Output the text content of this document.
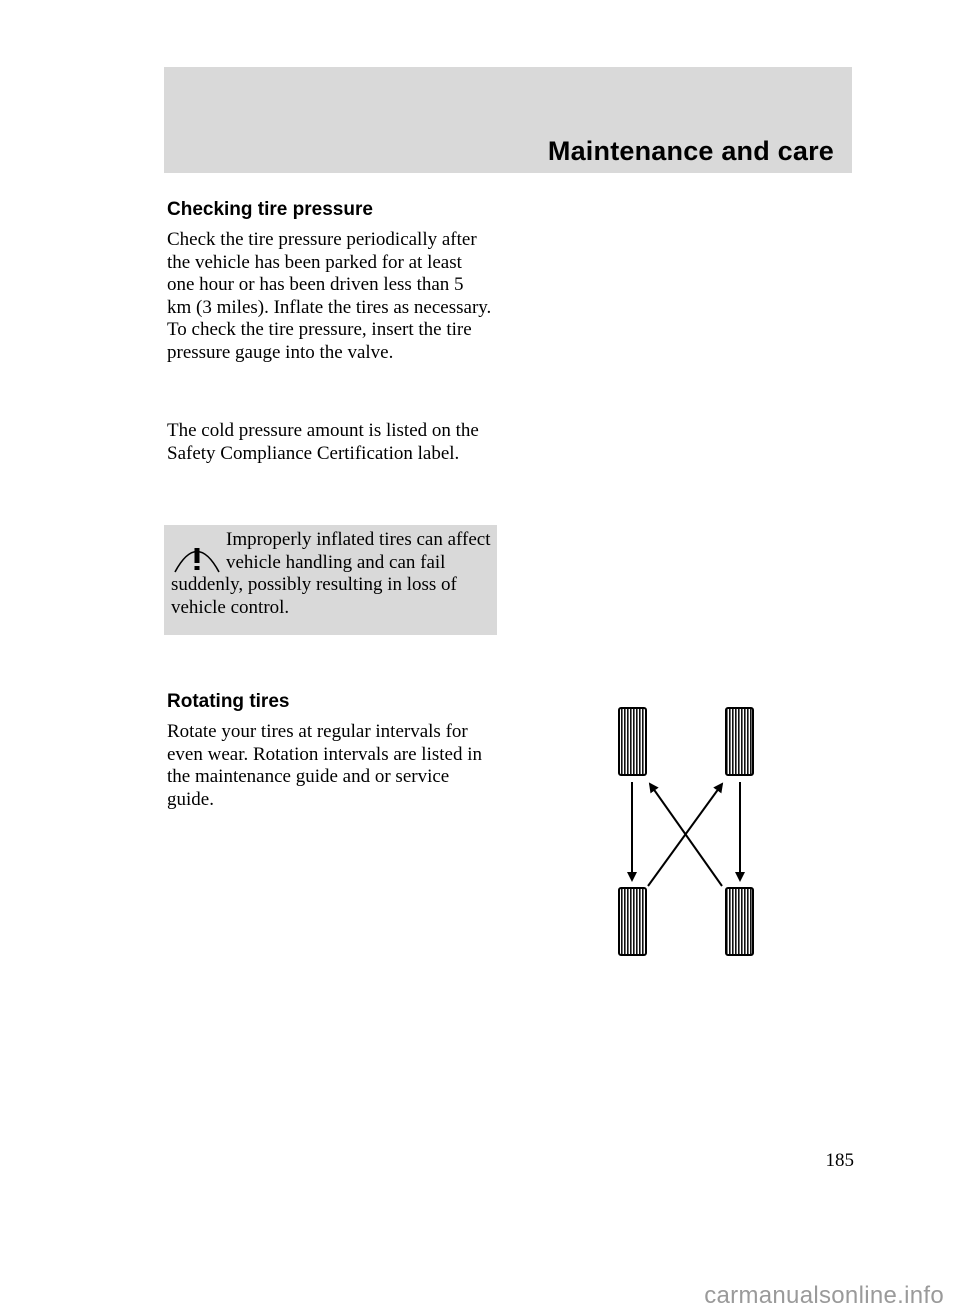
Maintenance and care
Checking tire pressure

Check the tire pressure periodically after the vehicle has been parked for at least one hour or has been driven less than 5 km (3 miles). Inflate the tires as necessary. To check the tire pressure, insert the tire pressure gauge into the valve.

The cold pressure amount is listed on the Safety Compliance Certification label.

Improperly inflated tires can affect vehicle handling and can fail suddenly, possibly resulting in loss of vehicle control.

Rotating tires

Rotate your tires at regular intervals for even wear. Rotation intervals are listed in the maintenance guide and or service guide.

185
carmanualsonline.info
